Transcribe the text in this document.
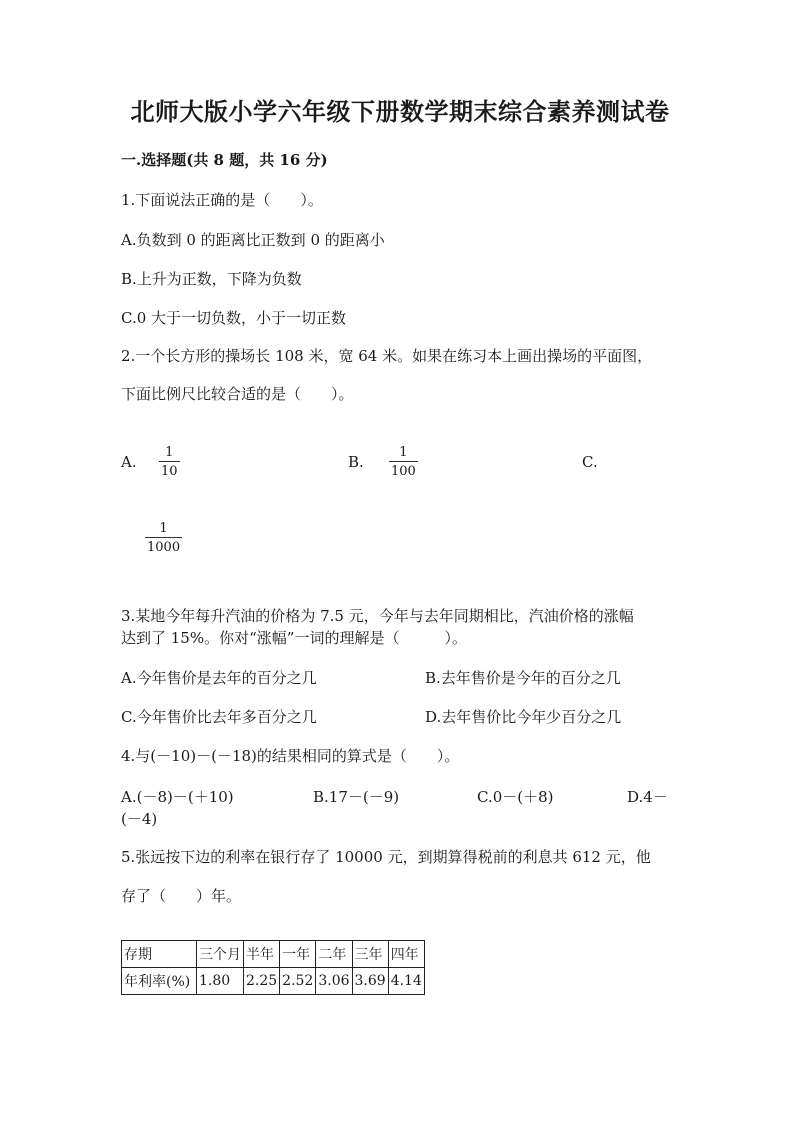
北师大版小学六年级下册数学期末综合素养测试卷
一.选择题(共 8 题，共 16 分)
1.下面说法正确的是（　　）。
A.负数到 0 的距离比正数到 0 的距离小
B.上升为正数，下降为负数
C.0 大于一切负数，小于一切正数
2.一个长方形的操场长 108 米，宽 64 米。如果在练习本上画出操场的平面图，
下面比例尺比较合适的是（　　）。
A.
1
10
B.
1
100
C.
1
1000
3.某地今年每升汽油的价格为 7.5 元，今年与去年同期相比，汽油价格的涨幅
达到了 15%。你对“涨幅”一词的理解是（　　　）。
A.今年售价是去年的百分之几	B.去年售价是今年的百分之几
C.今年售价比去年多百分之几	D.去年售价比今年少百分之几
4.与(－10)－(－18)的结果相同的算式是（　　）。
A.(－8)－(＋10)	B.17－(－9)	C.0－(＋8)	D.4－
(－4)
5.张远按下边的利率在银行存了 10000 元，到期算得税前的利息共 612 元，他
存了（　　）年。
存期	三个月	半年	一年	二年	三年	四年
年利率(%)	1.80	2.25	2.52	3.06	3.69	4.14
